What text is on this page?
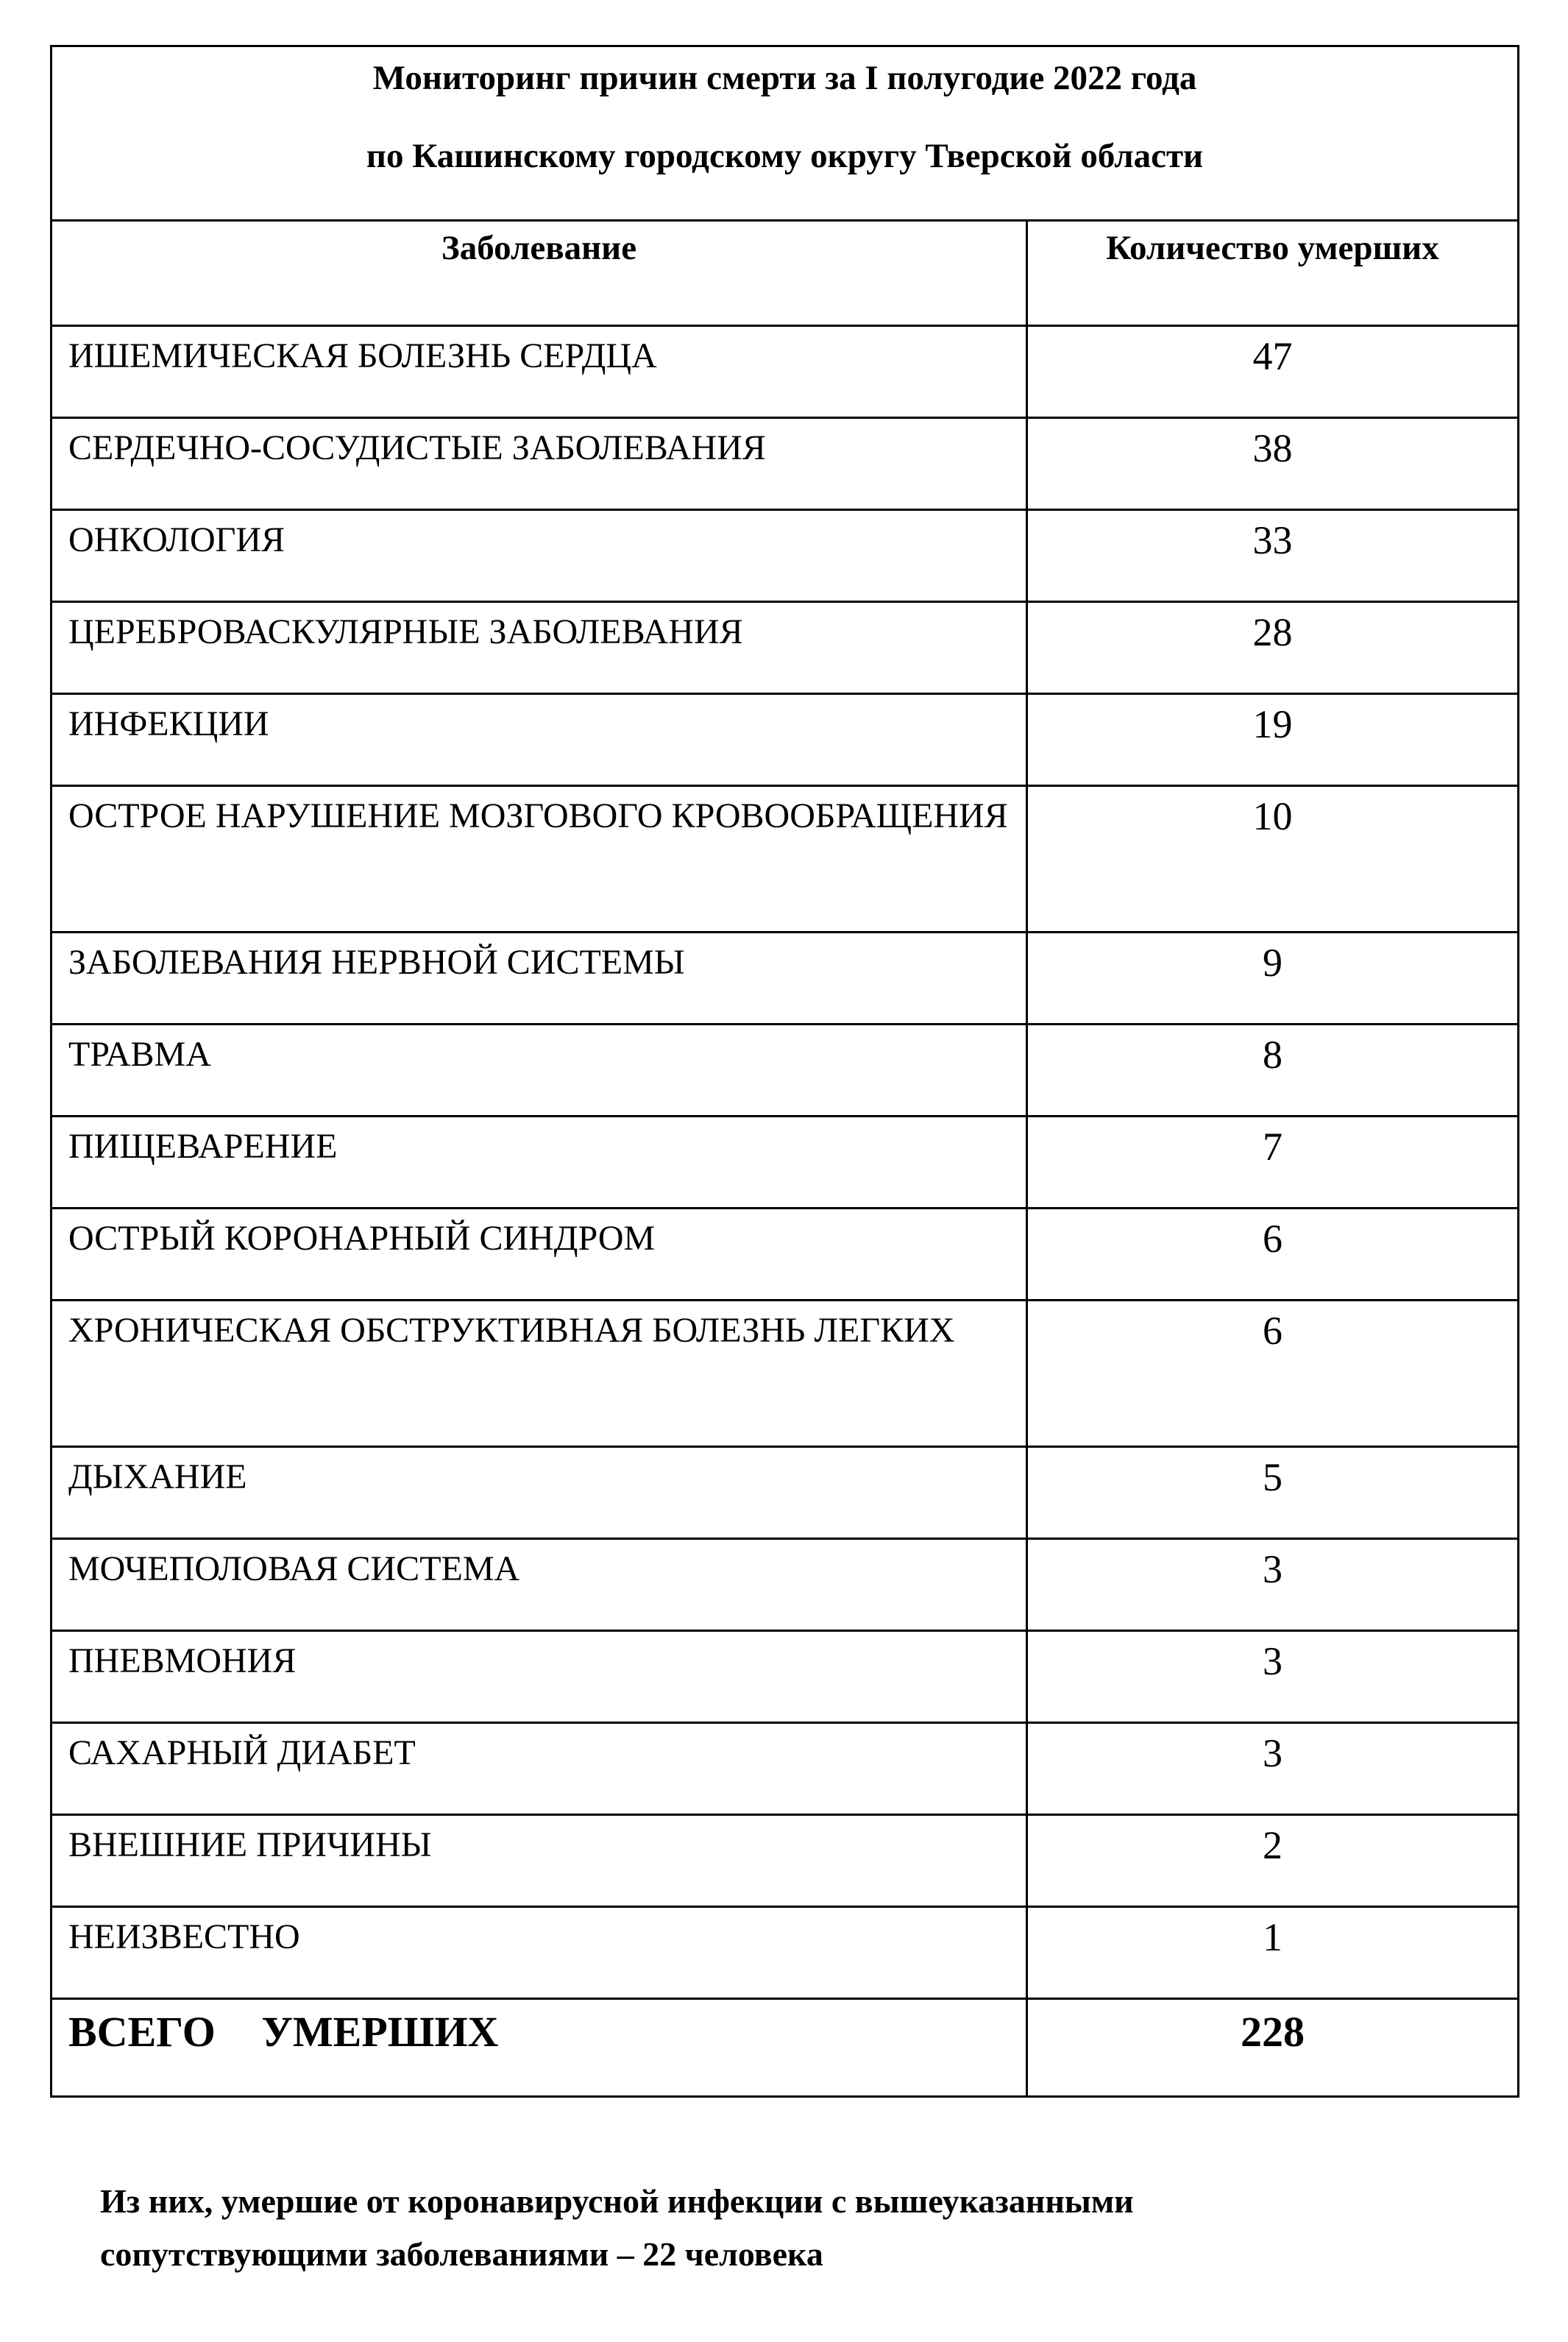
Мониторинг причин смерти за I полугодие 2022 года
по Кашинскому городскому округу Тверской области	

Заболевание	Количество умерших

ИШЕМИЧЕСКАЯ БОЛЕЗНЬ СЕРДЦА	47
СЕРДЕЧНО-СОСУДИСТЫЕ ЗАБОЛЕВАНИЯ	38
ОНКОЛОГИЯ	33
ЦЕРЕБРОВАСКУЛЯРНЫЕ ЗАБОЛЕВАНИЯ	28
ИНФЕКЦИИ	19
ОСТРОЕ НАРУШЕНИЕ МОЗГОВОГО КРОВООБРАЩЕНИЯ	10
ЗАБОЛЕВАНИЯ НЕРВНОЙ СИСТЕМЫ	9
ТРАВМА	8
ПИЩЕВАРЕНИЕ	7
ОСТРЫЙ КОРОНАРНЫЙ СИНДРОМ	6
ХРОНИЧЕСКАЯ ОБСТРУКТИВНАЯ БОЛЕЗНЬ ЛЕГКИХ	6
ДЫХАНИЕ	5
МОЧЕПОЛОВАЯ СИСТЕМА	3
ПНЕВМОНИЯ	3
САХАРНЫЙ ДИАБЕТ	3
ВНЕШНИЕ ПРИЧИНЫ	2
НЕИЗВЕСТНО	1
ВСЕГО УМЕРШИХ	228
Из них, умершие от коронавирусной инфекции с вышеуказанными
сопутствующими заболеваниями – 22 человека
